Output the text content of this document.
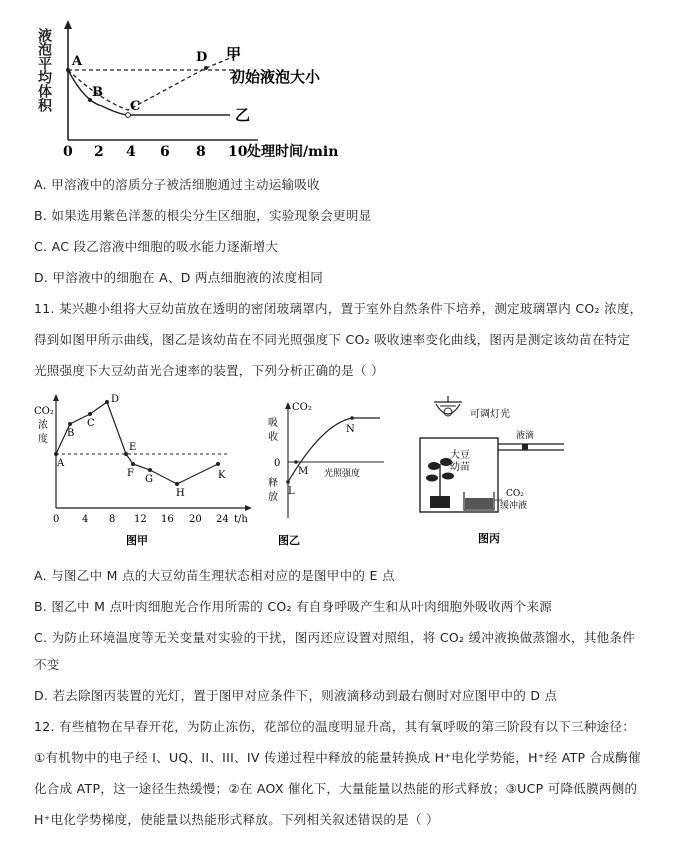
A
B
C
D 甲
乙
初始液泡大小
0 2 4 6 8 10 处理时间/min
液泡平均体积
A. 甲溶液中的溶质分子被活细胞通过主动运输吸收
B. 如果选用紫色洋葱的根尖分生区细胞，实验现象会更明显
C. AC 段乙溶液中细胞的吸水能力逐渐增大
D. 甲溶液中的细胞在 A、D 两点细胞液的浓度相同
11. 某兴趣小组将大豆幼苗放在透明的密闭玻璃罩内，置于室外自然条件下培养，测定玻璃罩内 CO₂ 浓度，
得到如图甲所示曲线，图乙是该幼苗在不同光照强度下 CO₂ 吸收速率变化曲线，图丙是测定该幼苗在特定
光照强度下大豆幼苗光合速率的装置，下列分析正确的是（ ）
CO₂
浓
度
A
B
C
D
E
F
G
H
K
0 4 8 12 16 20 24 t/h
图甲
CO₂
吸
收
0
释
放
M
N
L
光照强度
图乙
可调灯光
液滴
大豆
幼苗
CO₂
缓冲液
图丙
A. 与图乙中 M 点的大豆幼苗生理状态相对应的是图甲中的 E 点
B. 图乙中 M 点叶肉细胞光合作用所需的 CO₂ 有自身呼吸产生和从叶肉细胞外吸收两个来源
C. 为防止环境温度等无关变量对实验的干扰，图丙还应设置对照组，将 CO₂ 缓冲液换做蒸馏水，其他条件
不变
D. 若去除图丙装置的光灯，置于图甲对应条件下，则液滴移动到最右侧时对应图甲中的 D 点
12. 有些植物在早春开花，为防止冻伤，花部位的温度明显升高，其有氧呼吸的第三阶段有以下三种途径：
①有机物中的电子经 I、UQ、II、III、IV 传递过程中释放的能量转换成 H⁺电化学势能，H⁺经 ATP 合成酶催
化合成 ATP，这一途径生热缓慢；②在 AOX 催化下，大量能量以热能的形式释放；③UCP 可降低膜两侧的
H⁺电化学势梯度，使能量以热能形式释放。下列相关叙述错误的是（ ）
